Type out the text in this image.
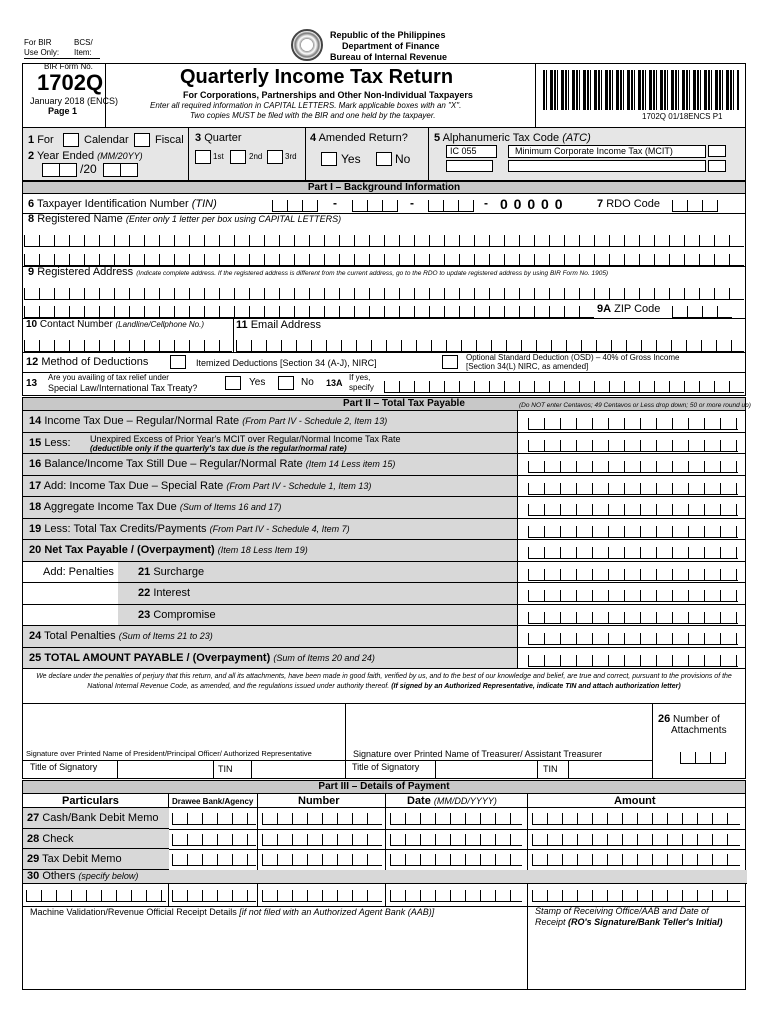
For BIR
Use Only:
BCS/
Item:
Republic of the Philippines
Department of Finance
Bureau of Internal Revenue
BIR Form No.
1702Q
January 2018 (ENCS)
Page 1
Quarterly Income Tax Return
For Corporations, Partnerships and Other Non-Individual Taxpayers
Enter all required information in CAPITAL LETTERS. Mark applicable boxes with an "X".
Two copies MUST be filed with the BIR and one held by the taxpayer.	1702Q 01/18ENCS P1
1 For	Calendar Fiscal
2 Year Ended (MM/20YY)
/20
3 Quarter
1st	2nd	3rd
4 Amended Return?
Yes	No
5 Alphanumeric Tax Code (ATC)
IC 055	Minimum Corporate Income Tax (MCIT)
Part I – Background Information
6 Taxpayer Identification Number (TIN)	-	-	- 0 0 0 0 0	7 RDO Code
8 Registered Name (Enter only 1 letter per box using CAPITAL LETTERS)
9 Registered Address (Indicate complete address. If the registered address is different from the current address, go to the RDO to update registered address by using BIR Form No. 1905)
9A ZIP Code
10 Contact Number (Landline/Cellphone No.)	11 Email Address
12 Method of Deductions	Itemized Deductions [Section 34 (A-J), NIRC]
Optional Standard Deduction (OSD) – 40% of Gross Income
[Section 34(L) NIRC, as amended]
13
Are you availing of tax relief under
Special Law/International Tax Treaty?	Yes	No 13A
If yes,
specify
Part II – Total Tax Payable	(Do NOT enter Centavos; 49 Centavos or Less drop down; 50 or more round up)
14 Income Tax Due – Regular/Normal Rate (From Part IV - Schedule 2, Item 13)
Unexpired Excess of Prior Year's MCIT over Regular/Normal Income Tax Rate
(deductible only if the quarterly's tax due is the regular/normal rate)
15 Less:
16 Balance/Income Tax Still Due – Regular/Normal Rate (Item 14 Less item 15)
17 Add: Income Tax Due – Special Rate (From Part IV - Schedule 1, Item 13)
18 Aggregate Income Tax Due (Sum of Items 16 and 17)
19 Less: Total Tax Credits/Payments (From Part IV - Schedule 4, Item 7)
20 Net Tax Payable / (Overpayment) (Item 18 Less Item 19)
Add: Penalties 21 Surcharge
22 Interest
23 Compromise
24 Total Penalties (Sum of Items 21 to 23)
25 TOTAL AMOUNT PAYABLE / (Overpayment) (Sum of Items 20 and 24)
We declare under the penalties of perjury that this return, and all its attachments, have been made in good faith, verified by us, and to the best of our knowledge and belief, are true and correct, pursuant to the provisions of the National Internal Revenue Code, as amended, and the regulations issued under authority thereof. (If signed by an Authorized Representative, indicate TIN and attach authorization letter)
Signature over Printed Name of President/Principal Officer/ Authorized Representative	Signature over Printed Name of Treasurer/ Assistant Treasurer
Title of Signatory	TIN	Title of Signatory	TIN
26 Number of
Attachments
Part III – Details of Payment
Particulars	Drawee Bank/Agency	Number	Date (MM/DD/YYYY)	Amount
27 Cash/Bank Debit Memo
28 Check
29 Tax Debit Memo
30 Others (specify below)
Machine Validation/Revenue Official Receipt Details [if not filed with an Authorized Agent Bank (AAB)]	Stamp of Receiving Office/AAB and Date of Receipt (RO's Signature/Bank Teller's Initial)
